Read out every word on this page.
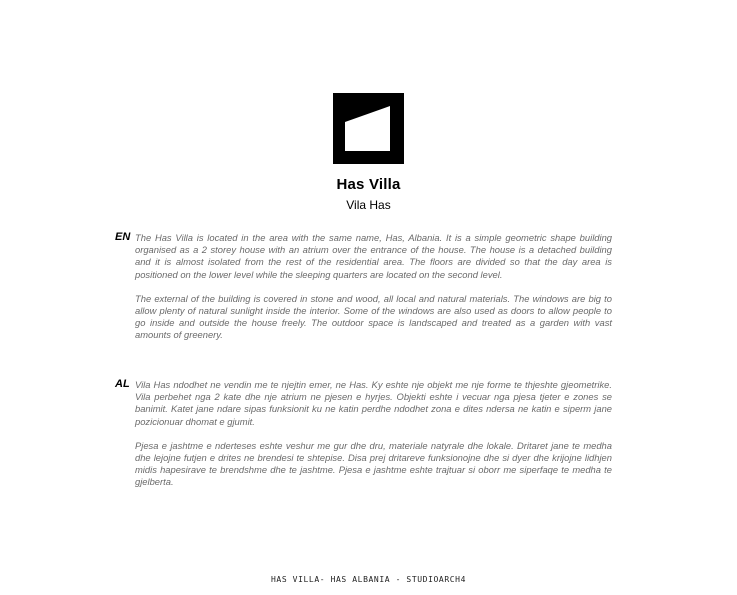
Has Villa
Vila Has
EN The Has Villa is located in the area with the same name, Has, Albania. It is a simple geometric shape building organised as a 2 storey house with an atrium over the entrance of the house. The house is a detached building and it is almost isolated from the rest of the residential area. The floors are divided so that the day area is positioned on the lower level while the sleeping quarters are located on the second level.

The external of the building is covered in stone and wood, all local and natural materials. The windows are big to allow plenty of natural sunlight inside the interior. Some of the windows are also used as doors to allow people to go inside and outside the house freely. The outdoor space is landscaped and treated as a garden with vast amounts of greenery.

AL Vila Has ndodhet ne vendin me te njejtin emer, ne Has. Ky eshte nje objekt me nje forme te thjeshte gjeometrike. Vila perbehet nga 2 kate dhe nje atrium ne pjesen e hyrjes. Objekti eshte i vecuar nga pjesa tjeter e zones se banimit. Katet jane ndare sipas funksionit ku ne katin perdhe ndodhet zona e dites ndersa ne katin e siperm jane pozicionuar dhomat e gjumit.

Pjesa e jashtme e nderteses eshte veshur me gur dhe dru, materiale natyrale dhe lokale. Dritaret jane te medha dhe lejojne futjen e drites ne brendesi te shtepise. Disa prej dritareve funksionojne dhe si dyer dhe krijojne lidhjen midis hapesirave te brendshme dhe te jashtme. Pjesa e jashtme eshte trajtuar si oborr me siperfaqe te medha te gjelberta.

HAS VILLA- HAS ALBANIA - STUDIOARCH4
